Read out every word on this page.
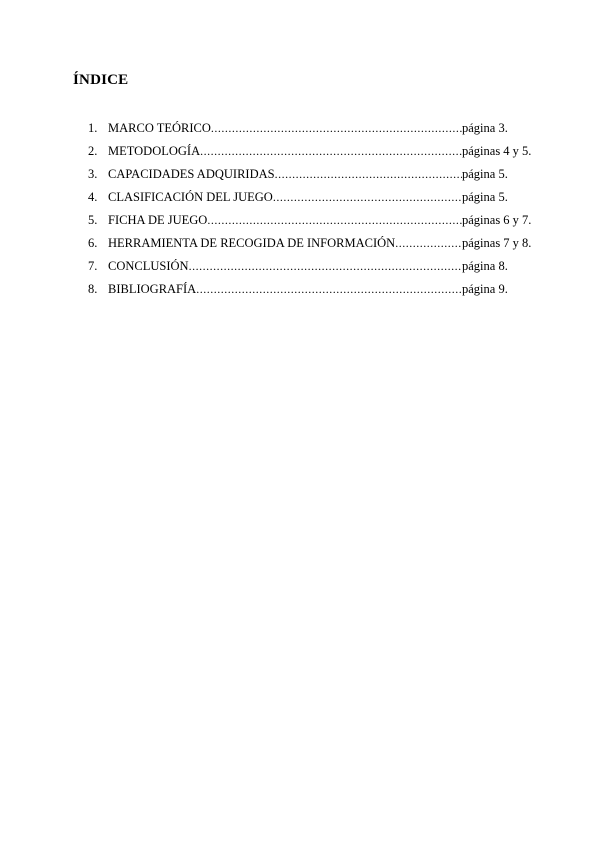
ÍNDICE
1. MARCO TEÓRICO .....	página 3.
2. METODOLOGÍA .....	páginas 4 y 5.
3. CAPACIDADES ADQUIRIDAS .....	página 5.
4. CLASIFICACIÓN DEL JUEGO .....	página 5.
5. FICHA DE JUEGO .....	páginas 6 y 7.
6. HERRAMIENTA DE RECOGIDA DE INFORMACIÓN .....	páginas 7 y 8.
7. CONCLUSIÓN .....	página 8.
8. BIBLIOGRAFÍA .....	página 9.
